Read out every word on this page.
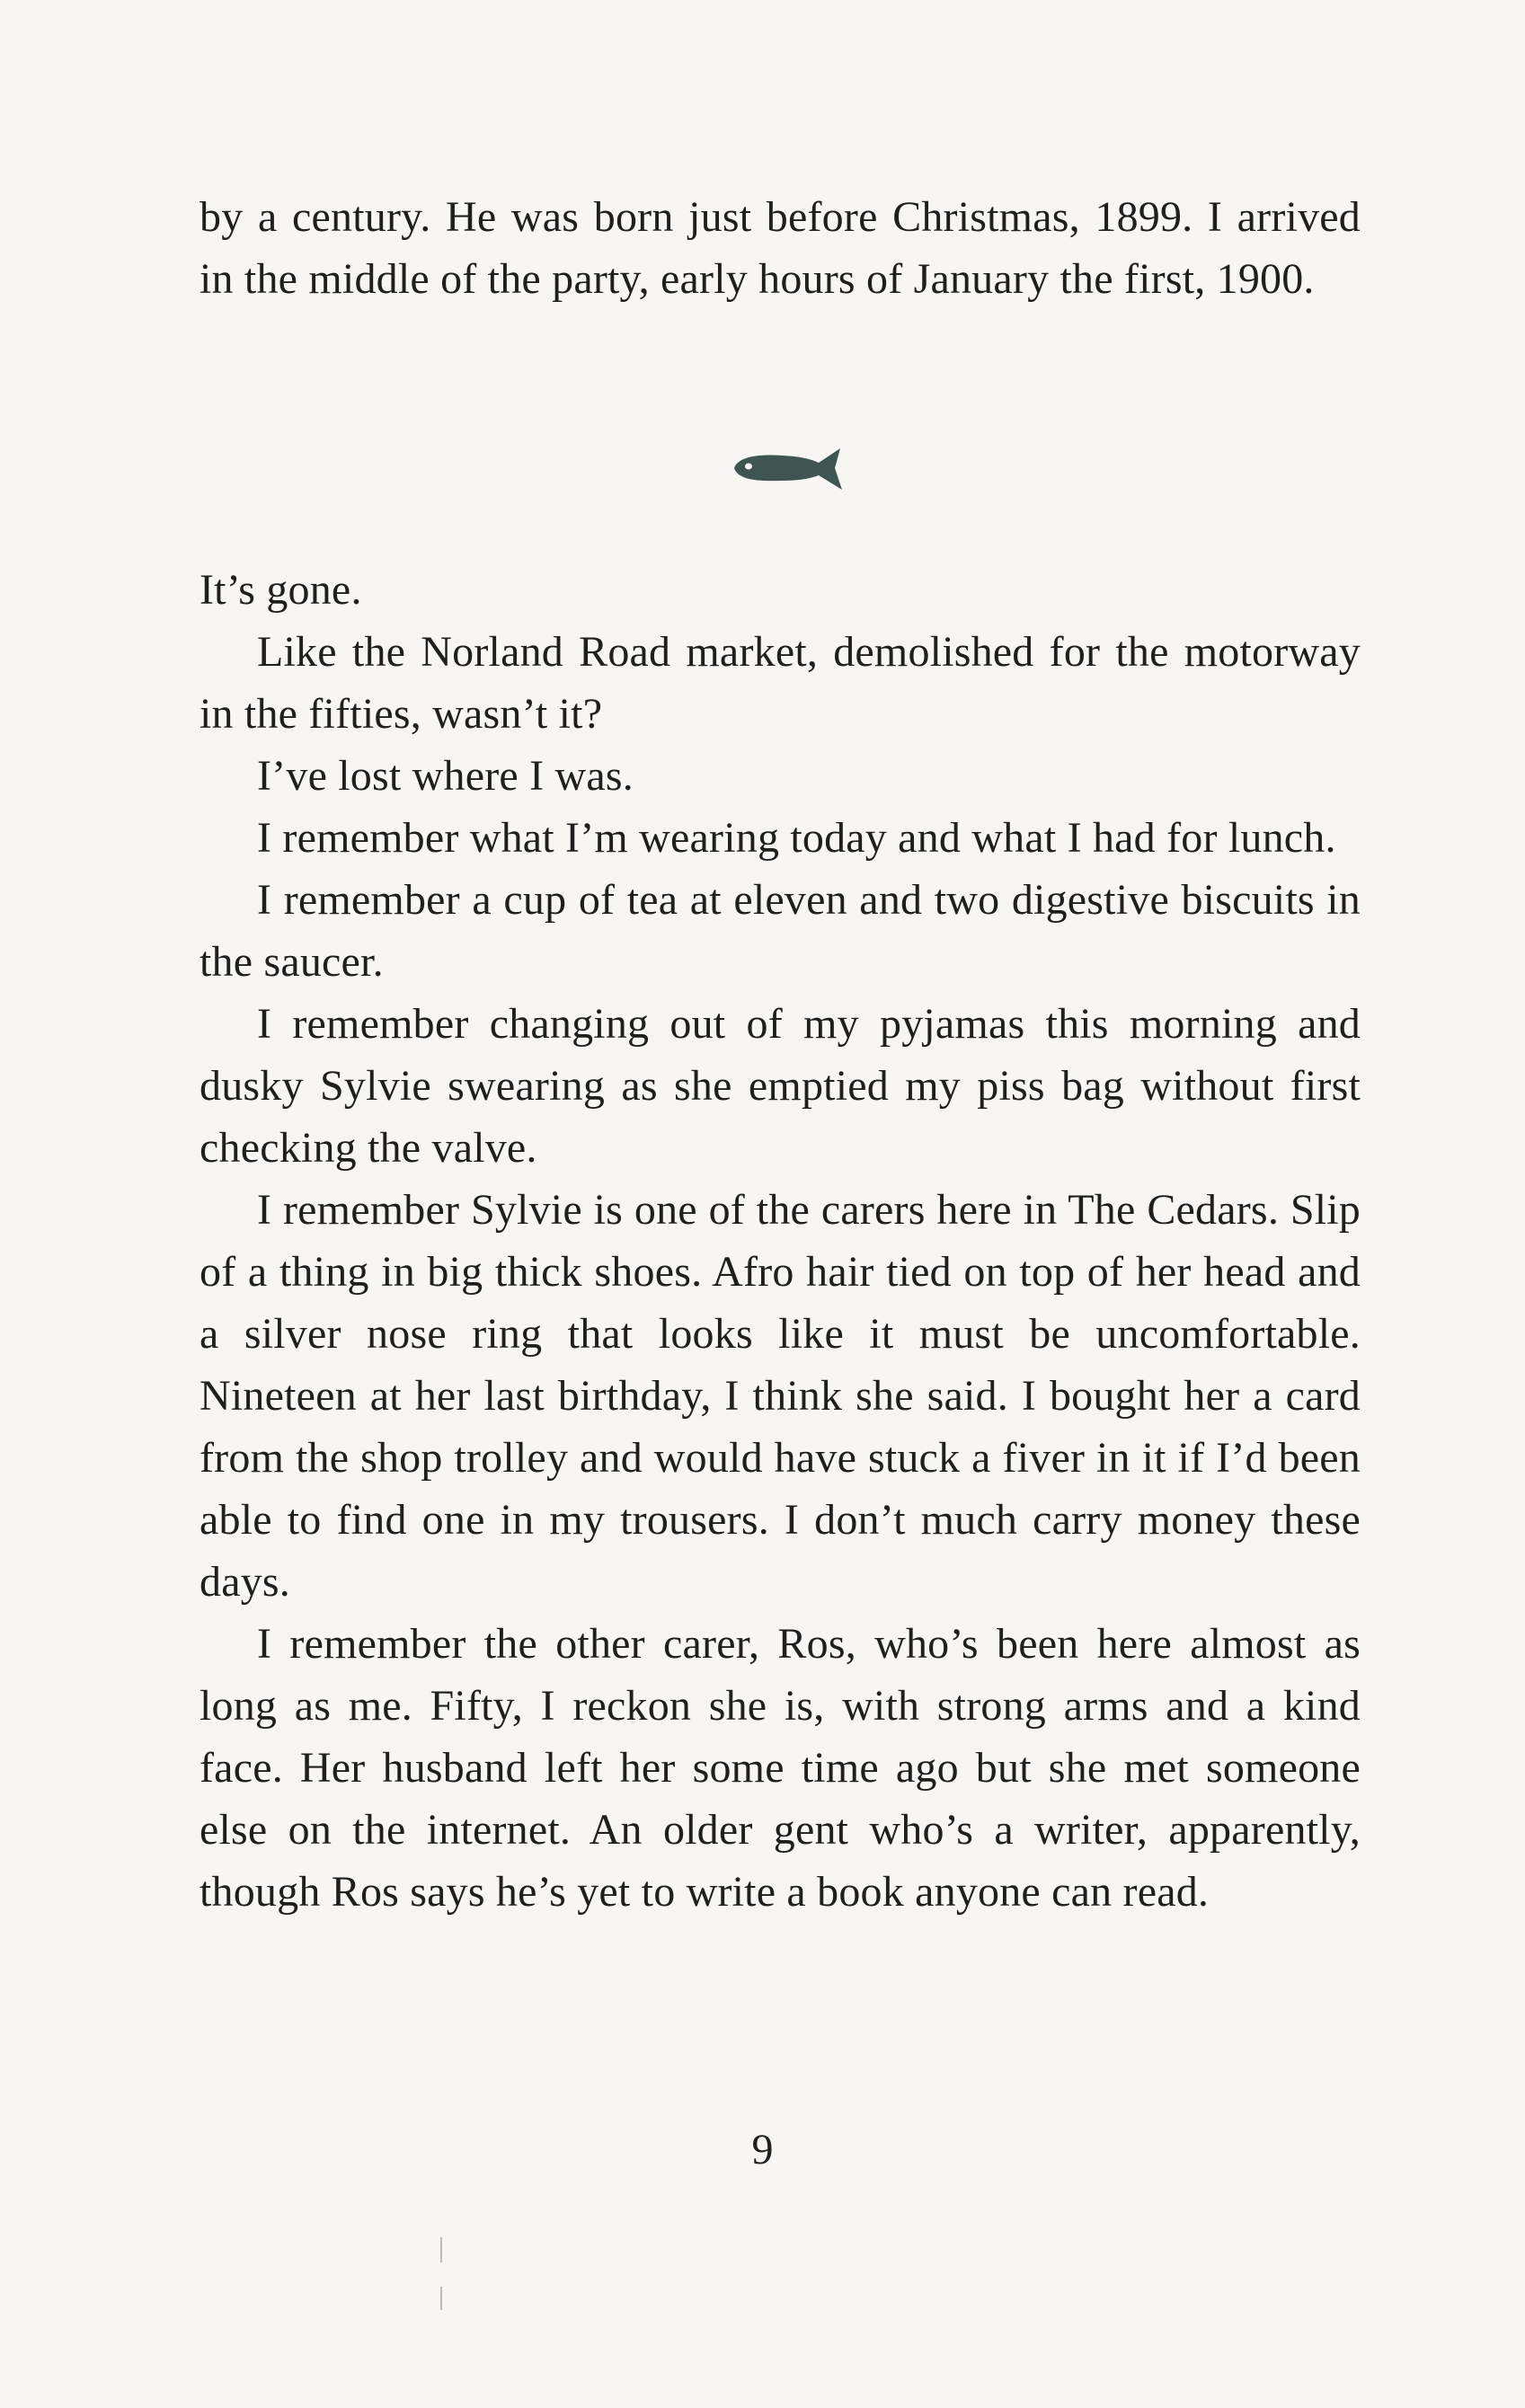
by a century. He was born just before Christmas, 1899. I arrived in the middle of the party, early hours of January the first, 1900.

It’s gone.

Like the Norland Road market, demolished for the motorway in the fifties, wasn’t it?

I’ve lost where I was.

I remember what I’m wearing today and what I had for lunch.

I remember a cup of tea at eleven and two digestive biscuits in the saucer.

I remember changing out of my pyjamas this morning and dusky Sylvie swearing as she emptied my piss bag without first checking the valve.

I remember Sylvie is one of the carers here in The Cedars. Slip of a thing in big thick shoes. Afro hair tied on top of her head and a silver nose ring that looks like it must be uncomfortable. Nineteen at her last birthday, I think she said. I bought her a card from the shop trolley and would have stuck a fiver in it if I’d been able to find one in my trousers. I don’t much carry money these days.

I remember the other carer, Ros, who’s been here almost as long as me. Fifty, I reckon she is, with strong arms and a kind face. Her husband left her some time ago but she met someone else on the internet. An older gent who’s a writer, apparently, though Ros says he’s yet to write a book anyone can read.

9
